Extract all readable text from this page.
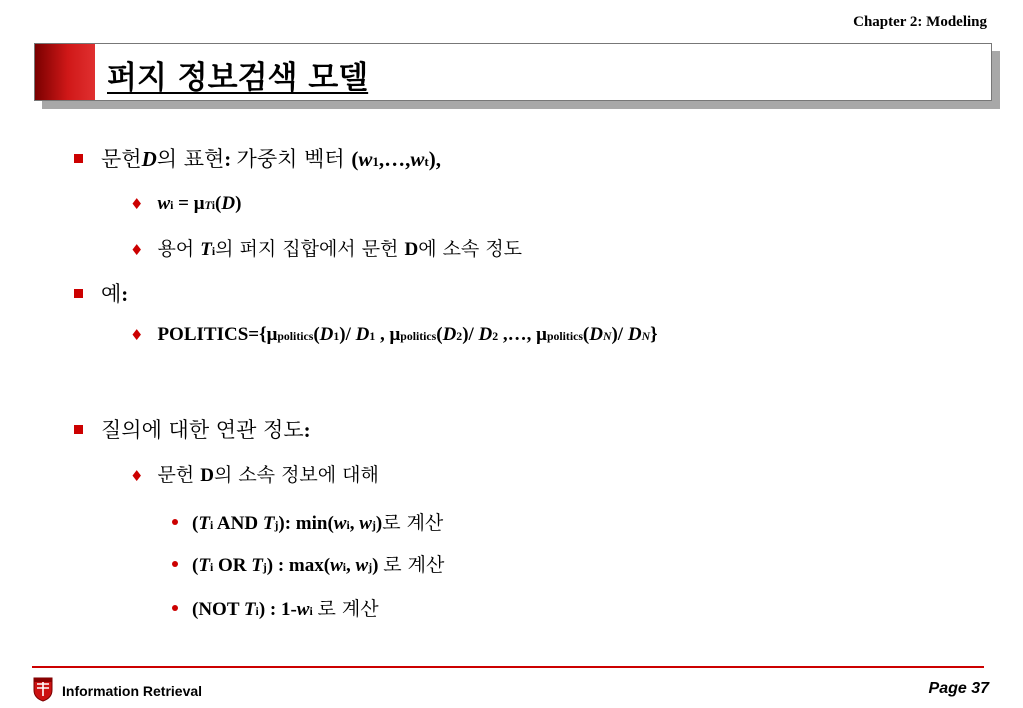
Chapter 2: Modeling
퍼지 정보검색 모델
문헌 D 의 표현 : 가중치 벡터 ( w 1 ,…, w t ),
♦ w i = μ Ti ( D )
♦ 용어 T i 의 퍼지 집합에서 문헌 D 에 소속 정도
예 :
♦ POLITICS={ μ politics ( D 1 )/ D 1 , μ politics ( D 2 )/ D 2 ,…, μ politics ( D N )/ D N }
질의에 대한 연관 정도 :
♦ 문헌 D 의 소속 정보에 대해
( T i AND T j ): min( w i , w j ) 로 계산
( T i OR T j ) : max( w i , w j ) 로 계산
(NOT T i ) : 1- w i
로 계산
Information Retrieval	Page 37
